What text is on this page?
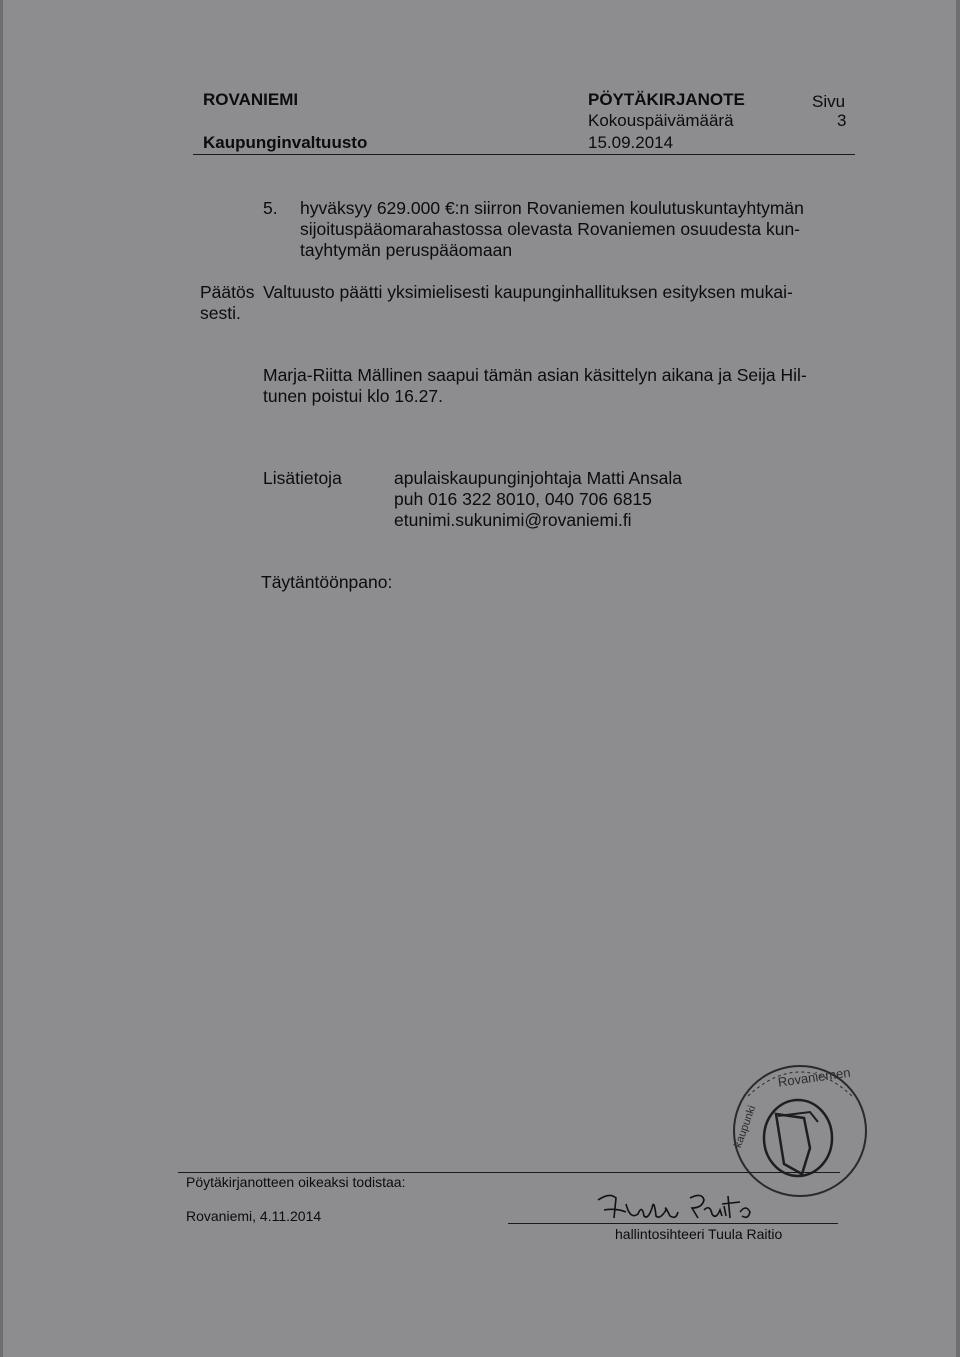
ROVANIEMI
Kaupunginvaltuusto
PÖYTÄKIRJANOTE
Kokouspäivämäärä
15.09.2014
Sivu
3
5. hyväksyy 629.000 €:n siirron Rovaniemen koulutuskuntayhtymän
sijoituspääomarahastossa olevasta Rovaniemen osuudesta kun-
tayhtymän peruspääomaan
Päätös Valtuusto päätti yksimielisesti kaupunginhallituksen esityksen mukai-
sesti.
Marja-Riitta Mällinen saapui tämän asian käsittelyn aikana ja Seija Hil-
tunen poistui klo 16.27.
Lisätietoja	apulaiskaupunginjohtaja Matti Ansala
puh 016 322 8010, 040 706 6815
etunimi.sukunimi@rovaniemi.fi
Täytäntöönpano:
Rovaniemen
kaupunki
Pöytäkirjanotteen oikeaksi todistaa:
Rovaniemi, 4.11.2014
hallintosihteeri Tuula Raitio
